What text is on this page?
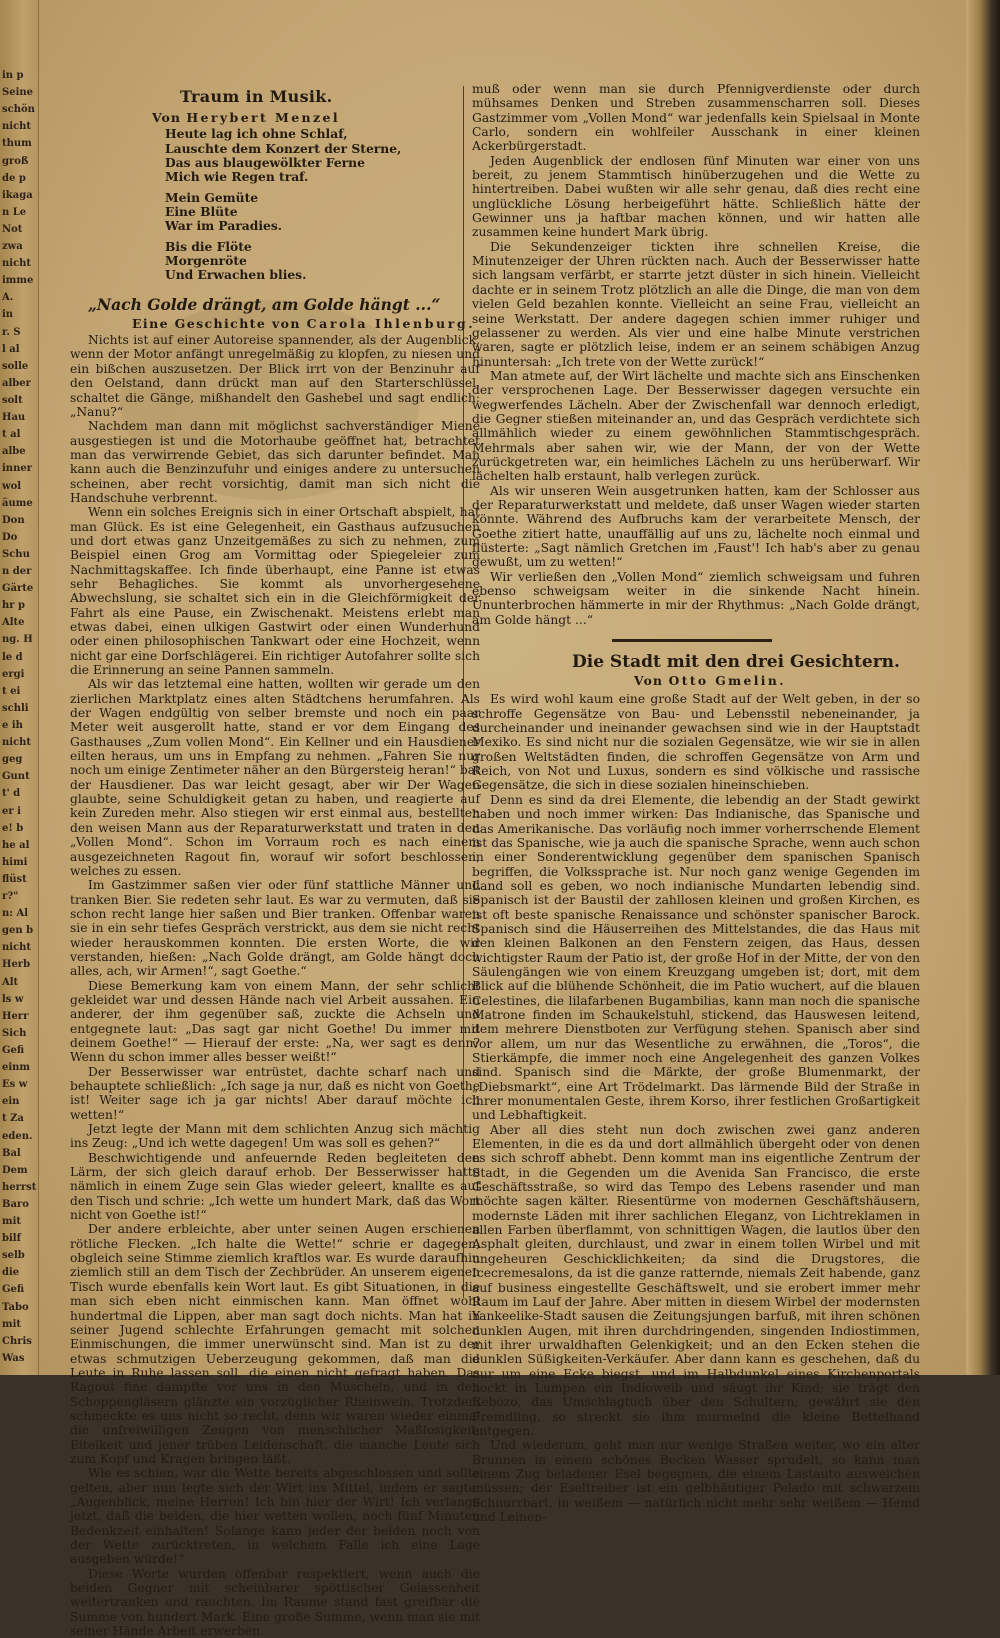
in p
Seine
schön
nicht
thum
groß
de p
ikaga
n Le
Not
zwa
nicht
imme
A.
in
r. S
l al
solle
alber
solt
Hau
t al
albe
inner
wol
äume
Don
Do
Schu
n der
Gärte
hr p
Alte
ng. H
le d
ergi
t ei
schli
e ih
nicht
geg
Gunt
t' d
er i
e! b
he al
himi
flüst
r?"
n: Al
gen b
nicht
Herb
Alt
ls w
Herr
Sich
Gefi
einm
Es w
ein
t Za
eden.
Bal
Dem
herrst
Baro
mit
bilf
selb
die
Gefi
Tabo
mit
Chris
Was
Traum in Musik.
Von Herybert Menzel
Heute lag ich ohne Schlaf,
Lauschte dem Konzert der Sterne,
Das aus blaugewölkter Ferne
Mich wie Regen traf.
Mein Gemüte
Eine Blüte
War im Paradies.
Bis die Flöte
Morgenröte
Und Erwachen blies.
„Nach Golde drängt, am Golde hängt ...“
Eine Geschichte von Carola Ihlenburg.

Nichts ist auf einer Autoreise spannender, als der Augenblick, wenn der Motor anfängt unregelmäßig zu klopfen, zu niesen und ein bißchen auszusetzen. Der Blick irrt von der Benzinuhr auf den Oelstand, dann drückt man auf den Starterschlüssel, schaltet die Gänge, mißhandelt den Gashebel und sagt endlich: „Nanu?“

Nachdem man dann mit möglichst sachverständiger Miene ausgestiegen ist und die Motorhaube geöffnet hat, betrachtet man das verwirrende Gebiet, das sich darunter befindet. Man kann auch die Benzinzufuhr und einiges andere zu untersuchen scheinen, aber recht vorsichtig, damit man sich nicht die Handschuhe verbrennt.

Wenn ein solches Ereignis sich in einer Ortschaft abspielt, hat man Glück. Es ist eine Gelegenheit, ein Gasthaus aufzusuchen und dort etwas ganz Unzeitgemäßes zu sich zu nehmen, zum Beispiel einen Grog am Vormittag oder Spiegeleier zum Nachmittagskaffee. Ich finde überhaupt, eine Panne ist etwas sehr Behagliches. Sie kommt als unvorhergesehene Abwechslung, sie schaltet sich ein in die Gleichförmigkeit der Fahrt als eine Pause, ein Zwischenakt. Meistens erlebt man etwas dabei, einen ulkigen Gastwirt oder einen Wunderhund oder einen philosophischen Tankwart oder eine Hochzeit, wenn nicht gar eine Dorfschlägerei. Ein richtiger Autofahrer sollte sich die Erinnerung an seine Pannen sammeln.

Als wir das letztemal eine hatten, wollten wir gerade um den zierlichen Marktplatz eines alten Städtchens herumfahren. Als der Wagen endgültig von selber bremste und noch ein paar Meter weit ausgerollt hatte, stand er vor dem Eingang des Gasthauses „Zum vollen Mond“. Ein Kellner und ein Hausdiener eilten heraus, um uns in Empfang zu nehmen. „Fahren Sie nur noch um einige Zentimeter näher an den Bürgersteig heran!“ bat der Hausdiener. Das war leicht gesagt, aber wir Der Wagen glaubte, seine Schuldigkeit getan zu haben, und reagierte auf kein Zureden mehr. Also stiegen wir erst einmal aus, bestellten den weisen Mann aus der Reparaturwerkstatt und traten in den „Vollen Mond“. Schon im Vorraum roch es nach einem ausgezeichneten Ragout fin, worauf wir sofort beschlossen, welches zu essen.

Im Gastzimmer saßen vier oder fünf stattliche Männer und tranken Bier. Sie redeten sehr laut. Es war zu vermuten, daß sie schon recht lange hier saßen und Bier tranken. Offenbar waren sie in ein sehr tiefes Gespräch verstrickt, aus dem sie nicht recht wieder herauskommen konnten. Die ersten Worte, die wir verstanden, hießen: „Nach Golde drängt, am Golde hängt doch alles, ach, wir Armen!“, sagt Goethe.“

Diese Bemerkung kam von einem Mann, der sehr schlicht gekleidet war und dessen Hände nach viel Arbeit aussahen. Ein anderer, der ihm gegenüber saß, zuckte die Achseln und entgegnete laut: „Das sagt gar nicht Goethe! Du immer mit deinem Goethe!“ — Hierauf der erste: „Na, wer sagt es denn? Wenn du schon immer alles besser weißt!“

Der Besserwisser war entrüstet, dachte scharf nach und behauptete schließlich: „Ich sage ja nur, daß es nicht von Goethe ist! Weiter sage ich ja gar nichts! Aber darauf möchte ich wetten!“

Jetzt legte der Mann mit dem schlichten Anzug sich mächtig ins Zeug: „Und ich wette dagegen! Um was soll es gehen?“

Beschwichtigende und anfeuernde Reden begleiteten den Lärm, der sich gleich darauf erhob. Der Besserwisser hatte nämlich in einem Zuge sein Glas wieder geleert, knallte es auf den Tisch und schrie: „Ich wette um hundert Mark, daß das Wort nicht von Goethe ist!“

Der andere erbleichte, aber unter seinen Augen erschienen rötliche Flecken. „Ich halte die Wette!“ schrie er dagegen, obgleich seine Stimme ziemlich kraftlos war. Es wurde daraufhin ziemlich still an dem Tisch der Zechbrüder. An unserem eigenen Tisch wurde ebenfalls kein Wort laut. Es gibt Situationen, in die man sich eben nicht einmischen kann. Man öffnet wohl hundertmal die Lippen, aber man sagt doch nichts. Man hat in seiner Jugend schlechte Erfahrungen gemacht mit solchen Einmischungen, die immer unerwünscht sind. Man ist zu der etwas schmutzigen Ueberzeugung gekommen, daß man die Leute in Ruhe lassen soll, die einen nicht gefragt haben. Das Ragout fine dampfte vor uns in den Muscheln, und in den Schoppengläsern glänzte ein vorzüglicher Rheinwein. Trotzdem schmeckte es uns nicht so recht, denn wir waren wieder einmal die unfreiwilligen Zeugen von menschlicher Maßlosigkeit, Eitelkeit und jener trüben Leidenschaft, die manche Leute sich zum Kopf und Kragen bringen läßt.

Wie es schien, war die Wette bereits abgeschlossen und sollte gelten, aber nun legte sich der Wirt ins Mittel, indem er sagte: „Augenblick, meine Herren! Ich bin hier der Wirt! Ich verlange jetzt, daß die beiden, die hier wetten wollen, noch fünf Minuten Bedenkzeit einhalten! Solange kann jeder der beiden noch von der Wette zurücktreten, in welchem Falle ich eine Lage ausgeben würde!“

Diese Worte wurden offenbar respektiert, wenn auch die beiden Gegner mit scheinbarer spöttischer Gelassenheit weitertranken und rauchten. Im Raume stand fast greifbar die Summe von hundert Mark. Eine große Summe, wenn man sie mit seiner Hände Arbeit erwerben

muß oder wenn man sie durch Pfennigverdienste oder durch mühsames Denken und Streben zusammenscharren soll. Dieses Gastzimmer vom „Vollen Mond“ war jedenfalls kein Spielsaal in Monte Carlo, sondern ein wohlfeiler Ausschank in einer kleinen Ackerbürgerstadt.

Jeden Augenblick der endlosen fünf Minuten war einer von uns bereit, zu jenem Stammtisch hinüberzugehen und die Wette zu hintertreiben. Dabei wußten wir alle sehr genau, daß dies recht eine unglückliche Lösung herbeigeführt hätte. Schließlich hätte der Gewinner uns ja haftbar machen können, und wir hatten alle zusammen keine hundert Mark übrig.

Die Sekundenzeiger tickten ihre schnellen Kreise, die Minutenzeiger der Uhren rückten nach. Auch der Besserwisser hatte sich langsam verfärbt, er starrte jetzt düster in sich hinein. Vielleicht dachte er in seinem Trotz plötzlich an alle die Dinge, die man von dem vielen Geld bezahlen konnte. Vielleicht an seine Frau, vielleicht an seine Werkstatt. Der andere dagegen schien immer ruhiger und gelassener zu werden. Als vier und eine halbe Minute verstrichen waren, sagte er plötzlich leise, indem er an seinem schäbigen Anzug hinuntersah: „Ich trete von der Wette zurück!“

Man atmete auf, der Wirt lächelte und machte sich ans Einschenken der versprochenen Lage. Der Besserwisser dagegen versuchte ein wegwerfendes Lächeln. Aber der Zwischenfall war dennoch erledigt, die Gegner stießen miteinander an, und das Gespräch verdichtete sich allmählich wieder zu einem gewöhnlichen Stammtischgespräch. Mehrmals aber sahen wir, wie der Mann, der von der Wette zurückgetreten war, ein heimliches Lächeln zu uns herüberwarf. Wir lächelten halb erstaunt, halb verlegen zurück.

Als wir unseren Wein ausgetrunken hatten, kam der Schlosser aus der Reparaturwerkstatt und meldete, daß unser Wagen wieder starten könnte. Während des Aufbruchs kam der verarbeitete Mensch, der Goethe zitiert hatte, unauffällig auf uns zu, lächelte noch einmal und flüsterte: „Sagt nämlich Gretchen im ,Faust'! Ich hab's aber zu genau gewußt, um zu wetten!“

Wir verließen den „Vollen Mond“ ziemlich schweigsam und fuhren ebenso schweigsam weiter in die sinkende Nacht hinein. Ununterbrochen hämmerte in mir der Rhythmus: „Nach Golde drängt, am Golde hängt ...“

Die Stadt mit den drei Gesichtern.
Von Otto Gmelin.

Es wird wohl kaum eine große Stadt auf der Welt geben, in der so schroffe Gegensätze von Bau- und Lebensstil nebeneinander, ja durcheinander und ineinander gewachsen sind wie in der Hauptstadt Mexiko. Es sind nicht nur die sozialen Gegensätze, wie wir sie in allen großen Weltstädten finden, die schroffen Gegensätze von Arm und Reich, von Not und Luxus, sondern es sind völkische und rassische Gegensätze, die sich in diese sozialen hineinschieben.

Denn es sind da drei Elemente, die lebendig an der Stadt gewirkt haben und noch immer wirken: Das Indianische, das Spanische und das Amerikanische. Das vorläufig noch immer vorherrschende Element ist das Spanische, wie ja auch die spanische Sprache, wenn auch schon in einer Sonderentwicklung gegenüber dem spanischen Spanisch begriffen, die Volkssprache ist. Nur noch ganz wenige Gegenden im Land soll es geben, wo noch indianische Mundarten lebendig sind. Spanisch ist der Baustil der zahllosen kleinen und großen Kirchen, es ist oft beste spanische Renaissance und schönster spanischer Barock. Spanisch sind die Häuserreihen des Mittelstandes, die das Haus mit den kleinen Balkonen an den Fenstern zeigen, das Haus, dessen wichtigster Raum der Patio ist, der große Hof in der Mitte, der von den Säulengängen wie von einem Kreuzgang umgeben ist; dort, mit dem Blick auf die blühende Schönheit, die im Patio wuchert, auf die blauen Celestines, die lilafarbenen Bugambilias, kann man noch die spanische Matrone finden im Schaukelstuhl, stickend, das Hauswesen leitend, dem mehrere Dienstboten zur Verfügung stehen. Spanisch aber sind vor allem, um nur das Wesentliche zu erwähnen, die „Toros“, die Stierkämpfe, die immer noch eine Angelegenheit des ganzen Volkes sind. Spanisch sind die Märkte, der große Blumenmarkt, der „Diebsmarkt“, eine Art Trödelmarkt. Das lärmende Bild der Straße in ihrer monumentalen Geste, ihrem Korso, ihrer festlichen Großartigkeit und Lebhaftigkeit.

Aber all dies steht nun doch zwischen zwei ganz anderen Elementen, in die es da und dort allmählich übergeht oder von denen es sich schroff abhebt. Denn kommt man ins eigentliche Zentrum der Stadt, in die Gegenden um die Avenida San Francisco, die erste Geschäftsstraße, so wird das Tempo des Lebens rasender und man möchte sagen kälter. Riesentürme von modernen Geschäftshäusern, modernste Läden mit ihrer sachlichen Eleganz, von Lichtreklamen in allen Farben überflammt, von schnittigen Wagen, die lautlos über den Asphalt gleiten, durchlaust, und zwar in einem tollen Wirbel und mit ungeheuren Geschicklichkeiten; da sind die Drugstores, die Icecremesalons, da ist die ganze ratternde, niemals Zeit habende, ganz auf business eingestellte Geschäftswelt, und sie erobert immer mehr Raum im Lauf der Jahre. Aber mitten in diesem Wirbel der modernsten Yankeelike-Stadt sausen die Zeitungsjungen barfuß, mit ihren schönen dunklen Augen, mit ihren durchdringenden, singenden Indiostimmen, mit ihrer urwaldhaften Gelenkigkeit; und an den Ecken stehen die dunklen Süßigkeiten-Verkäufer. Aber dann kann es geschehen, daß du nur um eine Ecke biegst, und im Halbdunkel eines Kirchenportals hockt in Lumpen ein Indioweib und säugt ihr Kind; sie trägt den Rebozo, das Umschlagtuch über den Schultern; gewährt sie den Fremdling, so streckt sie ihm murmelnd die kleine Bettelhand entgegen.

Und wiederum, geht man nur wenige Straßen weiter, wo ein alter Brunnen in einem schönes Becken Wasser sprudelt, so kann man einem Zug beladener Esel begegnen, die einem Lastauto ausweichen müssen; der Eseltreiber ist ein gelbhäutiger Pelado mit schwarzem Schnurrbart, in weißem — natürlich nicht mehr sehr weißem — Hemd und Leinen-
